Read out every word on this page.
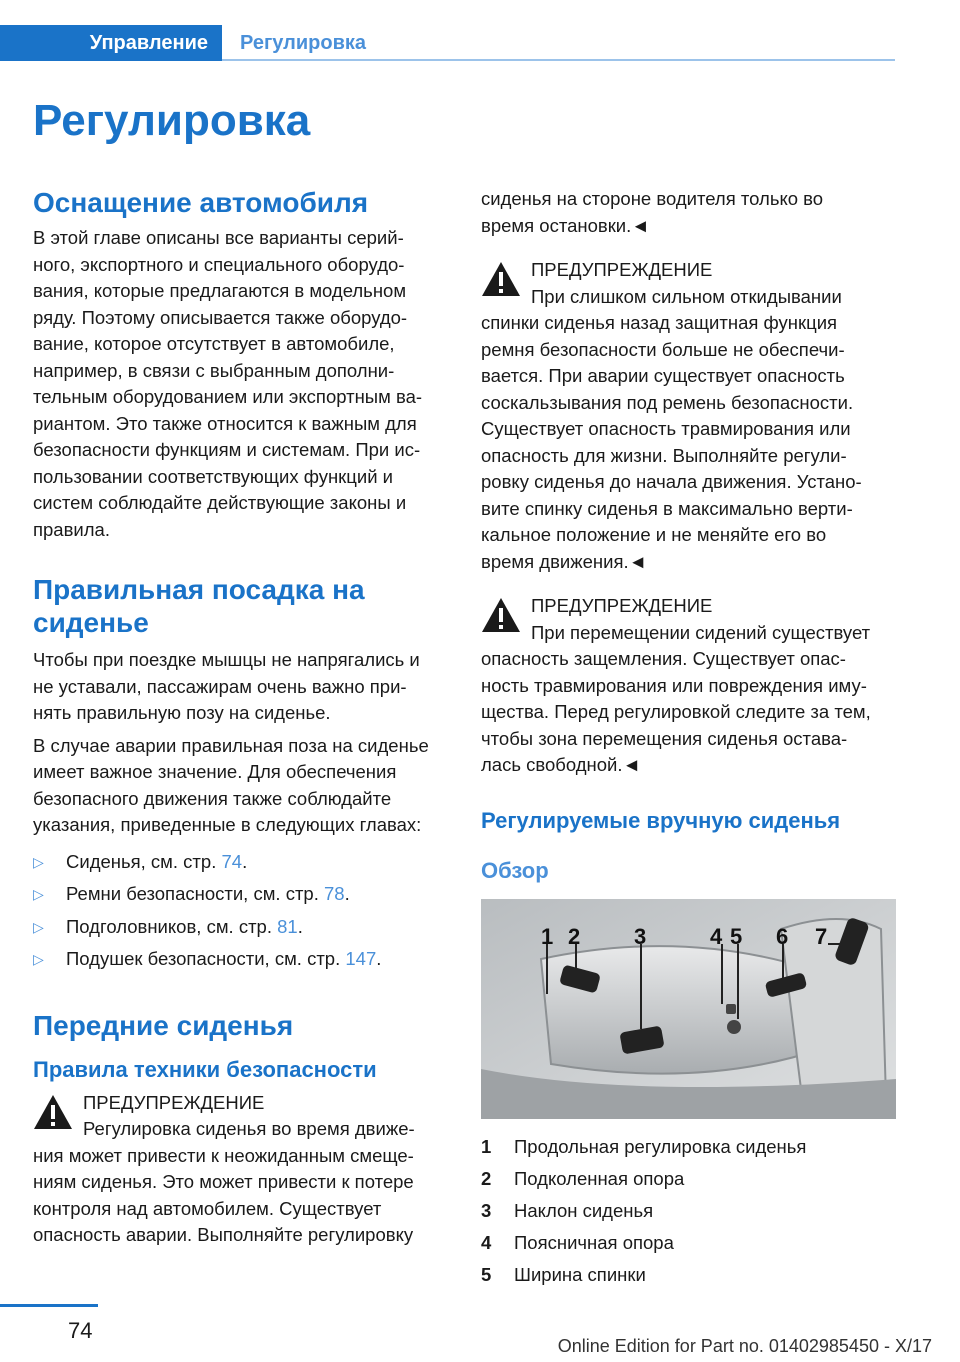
Управление	Регулировка
Регулировка
Оснащение автомобиля

В этой главе описаны все варианты серий-

ного, экспортного и специального оборудо-

вания, которые предлагаются в модельном

ряду. Поэтому описывается также оборудо-

вание, которое отсутствует в автомобиле,

например, в связи с выбранным дополни-

тельным оборудованием или экспортным ва-

риантом. Это также относится к важным для

безопасности функциям и системам. При ис-

пользовании соответствующих функций и

систем соблюдайте действующие законы и

правила.

Правильная посадка на
сиденье

Чтобы при поездке мышцы не напрягались и

не уставали, пассажирам очень важно при-

нять правильную позу на сиденье.

В случае аварии правильная поза на сиденье

имеет важное значение. Для обеспечения

безопасного движения также соблюдайте

указания, приведенные в следующих главах:

▷ Сиденья, см. стр. 74.
▷ Ремни безопасности, см. стр. 78.
▷ Подголовников, см. стр. 81.
▷ Подушек безопасности, см. стр. 147.
Передние сиденья
Правила техники безопасности

ПРЕДУПРЕЖДЕНИЕ

Регулировка сиденья во время движе-

ния может привести к неожиданным смеще-

ниям сиденья. Это может привести к потере

контроля над автомобилем. Существует

опасность аварии. Выполняйте регулировку

сиденья на стороне водителя только во

время остановки.◄

ПРЕДУПРЕЖДЕНИЕ

При слишком сильном откидывании

спинки сиденья назад защитная функция

ремня безопасности больше не обеспечи-

вается. При аварии существует опасность

соскальзывания под ремень безопасности.

Существует опасность травмирования или

опасность для жизни. Выполняйте регули-

ровку сиденья до начала движения. Устано-

вите спинку сиденья в максимально верти-

кальное положение и не меняйте его во

время движения.◄

ПРЕДУПРЕЖДЕНИЕ

При перемещении сидений существует

опасность защемления. Существует опас-

ность травмирования или повреждения иму-

щества. Перед регулировкой следите за тем,

чтобы зона перемещения сиденья остава-

лась свободной.◄

Регулируемые вручную сиденья
Обзор
1 2 3	4 5 6 7
1	Продольная регулировка сиденья
2	Подколенная опора
3	Наклон сиденья
4	Поясничная опора
5	Ширина спинки
74
Online Edition for Part no. 01402985450 - X/17
